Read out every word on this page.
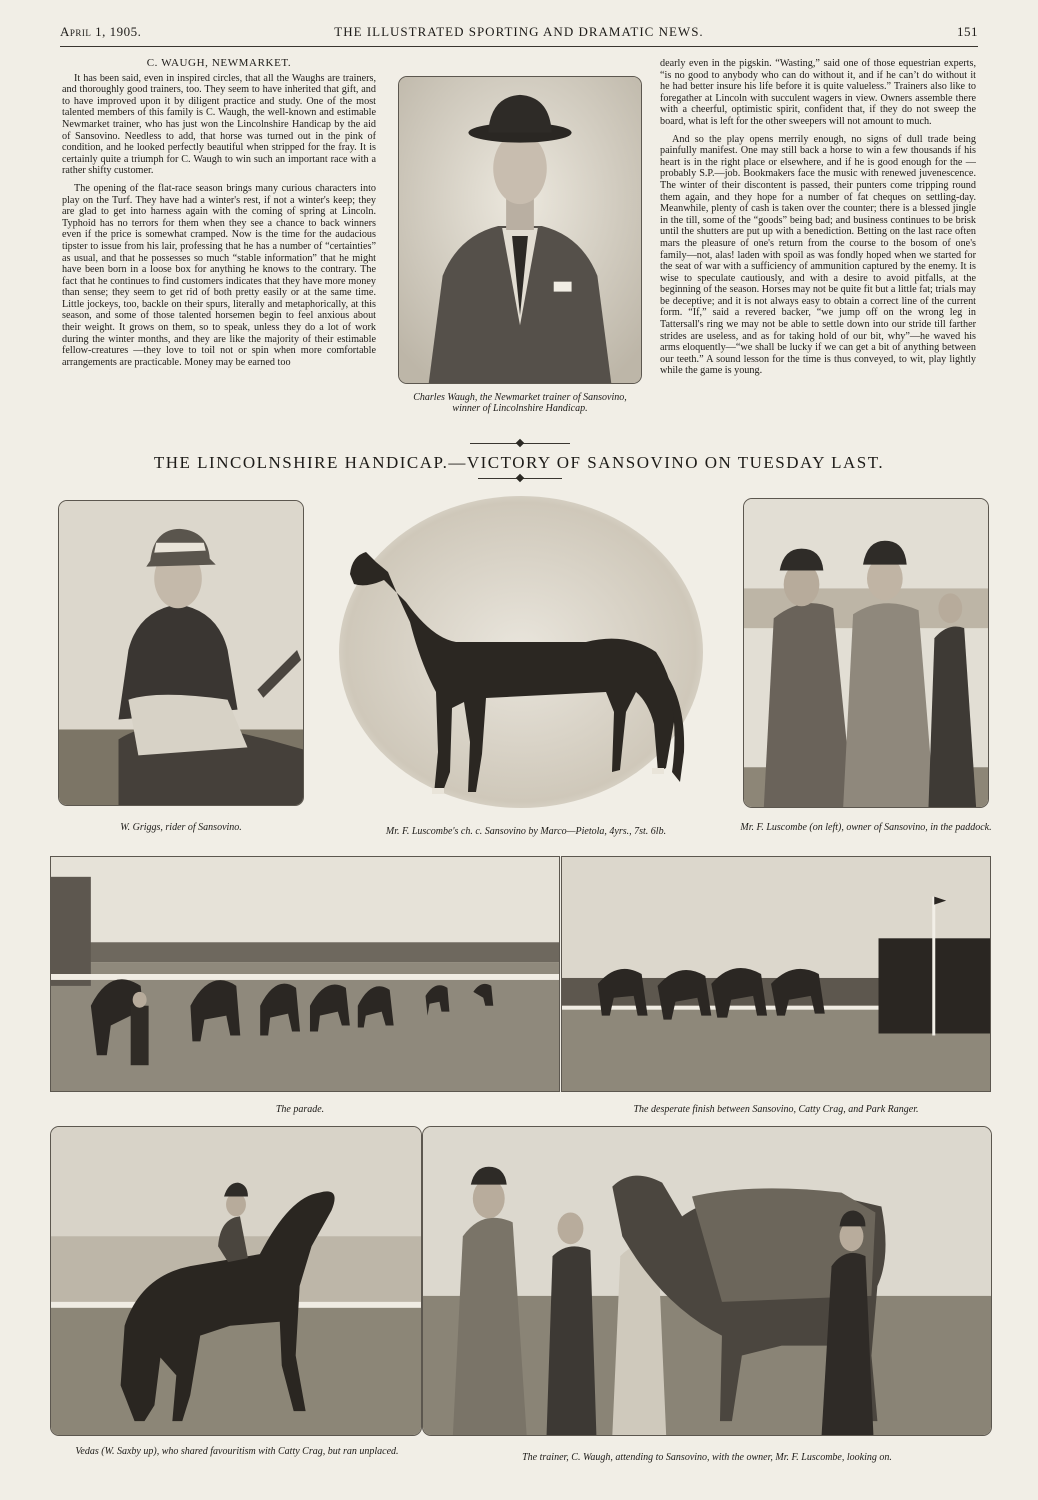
April 1, 1905.	THE ILLUSTRATED SPORTING AND DRAMATIC NEWS.	151
C. WAUGH, NEWMARKET.

It has been said, even in inspired circles, that all the Waughs are trainers, and thoroughly good trainers, too. They seem to have inherited that gift, and to have improved upon it by diligent practice and study. One of the most talented members of this family is C. Waugh, the well-known and estimable Newmarket trainer, who has just won the Lincolnshire Handicap by the aid of Sansovino. Needless to add, that horse was turned out in the pink of condition, and he looked perfectly beautiful when stripped for the fray. It is certainly quite a triumph for C. Waugh to win such an important race with a rather shifty customer.

The opening of the flat-race season brings many curious characters into play on the Turf. They have had a winter's rest, if not a winter's keep; they are glad to get into harness again with the coming of spring at Lincoln. Typhoid has no terrors for them when they see a chance to back winners even if the price is somewhat cramped. Now is the time for the audacious tipster to issue from his lair, professing that he has a number of “certainties” as usual, and that he possesses so much “stable information” that he might have been born in a loose box for anything he knows to the contrary. The fact that he continues to find customers indicates that they have more money than sense; they seem to get rid of both pretty easily or at the same time. Little jockeys, too, backle on their spurs, literally and metaphorically, at this season, and some of those talented horsemen begin to feel anxious about their weight. It grows on them, so to speak, unless they do a lot of work during the winter months, and they are like the majority of their estimable fellow-creatures —they love to toil not or spin when more comfortable arrangements are practicable. Money may be earned too

Charles Waugh, the Newmarket trainer of Sansovino, winner of Lincolnshire Handicap.

dearly even in the pigskin. “Wasting,” said one of those equestrian experts, “is no good to anybody who can do without it, and if he can’t do without it he had better insure his life before it is quite valueless.” Trainers also like to foregather at Lincoln with succulent wagers in view. Owners assemble there with a cheerful, optimistic spirit, confident that, if they do not sweep the board, what is left for the other sweepers will not amount to much.

And so the play opens merrily enough, no signs of dull trade being painfully manifest. One may still back a horse to win a few thousands if his heart is in the right place or elsewhere, and if he is good enough for the —probably S.P.—job. Bookmakers face the music with renewed juvenescence. The winter of their discontent is passed, their punters come tripping round them again, and they hope for a number of fat cheques on settling-day. Meanwhile, plenty of cash is taken over the counter; there is a blessed jingle in the till, some of the “goods” being bad; and business continues to be brisk until the shutters are put up with a benediction. Betting on the last race often mars the pleasure of one's return from the course to the bosom of one's family—not, alas! laden with spoil as was fondly hoped when we started for the seat of war with a sufficiency of ammunition captured by the enemy. It is wise to speculate cautiously, and with a desire to avoid pitfalls, at the beginning of the season. Horses may not be quite fit but a little fat; trials may be deceptive; and it is not always easy to obtain a correct line of the current form. “If,” said a revered backer, “we jump off on the wrong leg in Tattersall's ring we may not be able to settle down into our stride till farther strides are useless, and as for taking hold of our bit, why”—he waved his arms eloquently—“we shall be lucky if we can get a bit of anything between our teeth.” A sound lesson for the time is thus conveyed, to wit, play lightly while the game is young.

THE LINCOLNSHIRE HANDICAP.—VICTORY OF SANSOVINO ON TUESDAY LAST.
W. Griggs, rider of Sansovino.	Mr. F. Luscombe's ch. c. Sansovino by Marco—Pietola, 4yrs., 7st. 6lb.	Mr. F. Luscombe (on left), owner of Sansovino, in the paddock.
The parade.	The desperate finish between Sansovino, Catty Crag, and Park Ranger.
Vedas (W. Saxby up), who shared favouritism with Catty Crag, but ran unplaced.
The trainer, C. Waugh, attending to Sansovino, with the owner, Mr. F. Luscombe, looking on.
